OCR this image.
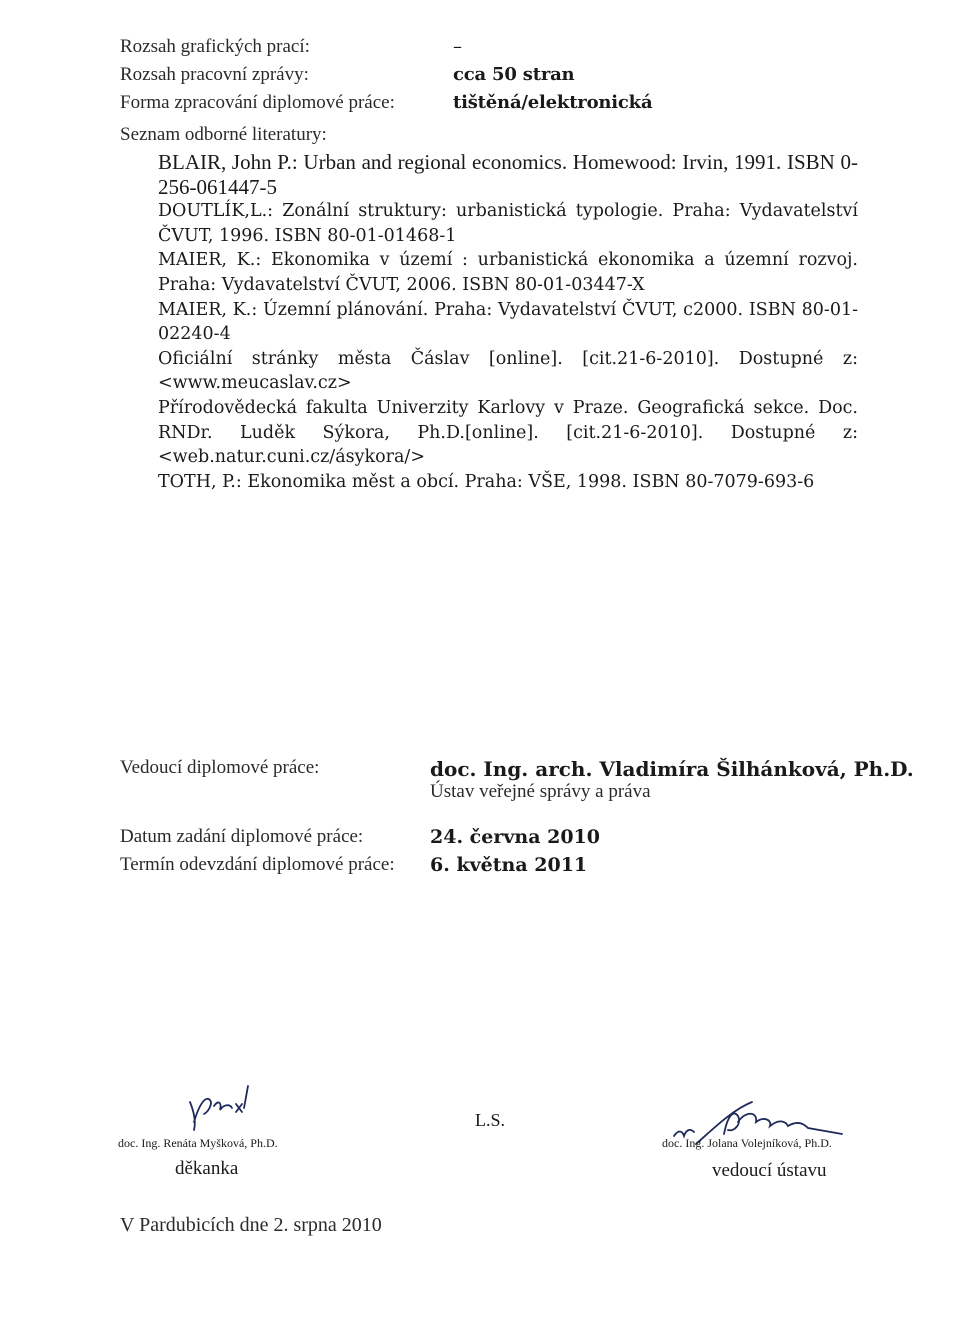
Rozsah grafických prací:	–
Rozsah pracovní zprávy:	cca 50 stran
Forma zpracování diplomové práce:	tištěná/elektronická
Seznam odborné literatury:
BLAIR, John P.: Urban and regional economics. Homewood: Irvin, 1991. ISBN 0-256-061447-5
DOUTLÍK,L.: Zonální struktury: urbanistická typologie. Praha: Vydavatelství ČVUT, 1996. ISBN 80-01-01468-1
MAIER, K.: Ekonomika v území : urbanistická ekonomika a územní rozvoj. Praha: Vydavatelství ČVUT, 2006. ISBN 80-01-03447-X
MAIER, K.: Územní plánování. Praha: Vydavatelství ČVUT, c2000. ISBN 80-01-02240-4
Oficiální stránky města Čáslav [online]. [cit.21-6-2010]. Dostupné z:<www.meucaslav.cz>
Přírodovědecká fakulta Univerzity Karlovy v Praze. Geografická sekce. Doc. RNDr. Luděk Sýkora, Ph.D.[online]. [cit.21-6-2010]. Dostupné z:<web.natur.cuni.cz/ásykora/>
TOTH, P.: Ekonomika měst a obcí. Praha: VŠE, 1998. ISBN 80-7079-693-6
Vedoucí diplomové práce:	doc. Ing. arch. Vladimíra Šilhánková, Ph.D.
Ústav veřejné správy a práva
Datum zadání diplomové práce:	24. června 2010
Termín odevzdání diplomové práce: 6. května 2011
doc. Ing. Renáta Myšková, Ph.D.
děkanka
L.S.
doc. Ing. Jolana Volejníková, Ph.D.
vedoucí ústavu
V Pardubicích dne 2. srpna 2010
